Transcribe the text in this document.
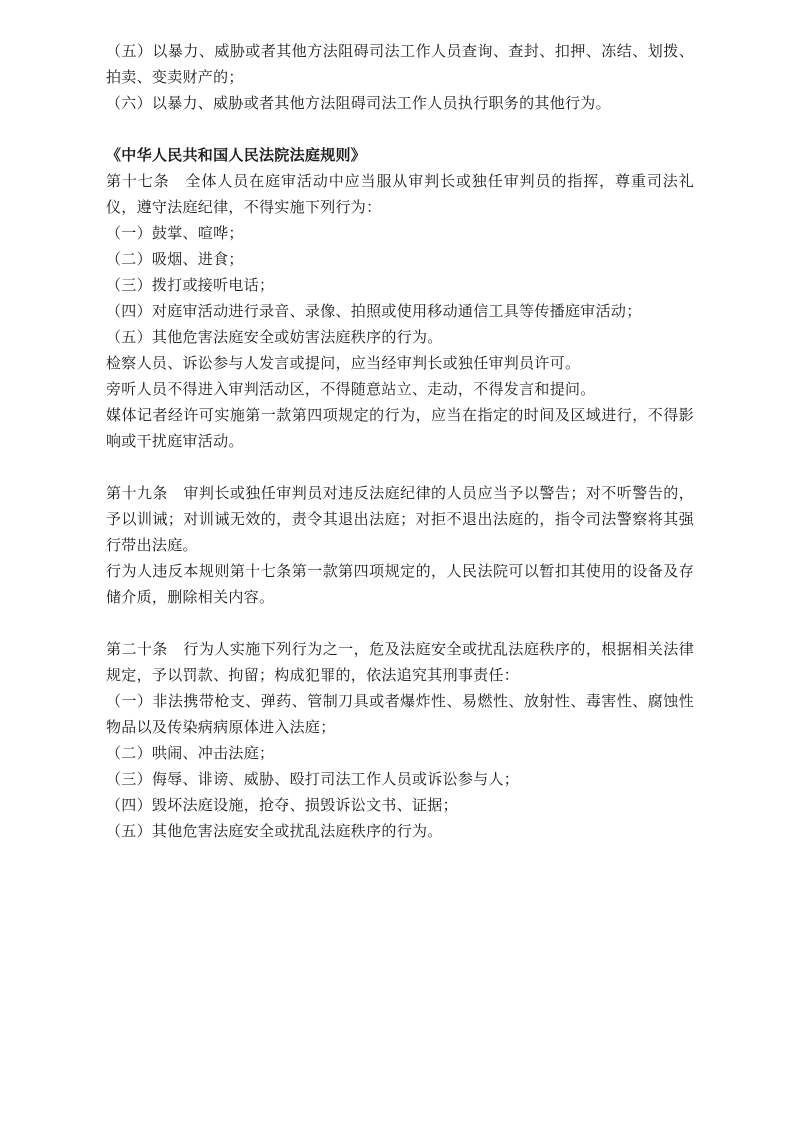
（五）以暴力、威胁或者其他方法阻碍司法工作人员查询、查封、扣押、冻结、划拨、拍卖、变卖财产的；
（六）以暴力、威胁或者其他方法阻碍司法工作人员执行职务的其他行为。
《中华人民共和国人民法院法庭规则》
第十七条　全体人员在庭审活动中应当服从审判长或独任审判员的指挥，尊重司法礼仪，遵守法庭纪律，不得实施下列行为：
（一）鼓掌、喧哗；
（二）吸烟、进食；
（三）拨打或接听电话；
（四）对庭审活动进行录音、录像、拍照或使用移动通信工具等传播庭审活动；
（五）其他危害法庭安全或妨害法庭秩序的行为。
检察人员、诉讼参与人发言或提问，应当经审判长或独任审判员许可。
旁听人员不得进入审判活动区，不得随意站立、走动，不得发言和提问。
媒体记者经许可实施第一款第四项规定的行为，应当在指定的时间及区域进行，不得影响或干扰庭审活动。
第十九条　审判长或独任审判员对违反法庭纪律的人员应当予以警告；对不听警告的，予以训诫；对训诫无效的，责令其退出法庭；对拒不退出法庭的，指令司法警察将其强行带出法庭。
行为人违反本规则第十七条第一款第四项规定的，人民法院可以暂扣其使用的设备及存储介质，删除相关内容。
第二十条　行为人实施下列行为之一，危及法庭安全或扰乱法庭秩序的，根据相关法律规定，予以罚款、拘留；构成犯罪的，依法追究其刑事责任：
（一）非法携带枪支、弹药、管制刀具或者爆炸性、易燃性、放射性、毒害性、腐蚀性物品以及传染病病原体进入法庭；
（二）哄闹、冲击法庭；
（三）侮辱、诽谤、威胁、殴打司法工作人员或诉讼参与人；
（四）毁坏法庭设施，抢夺、损毁诉讼文书、证据；
（五）其他危害法庭安全或扰乱法庭秩序的行为。
